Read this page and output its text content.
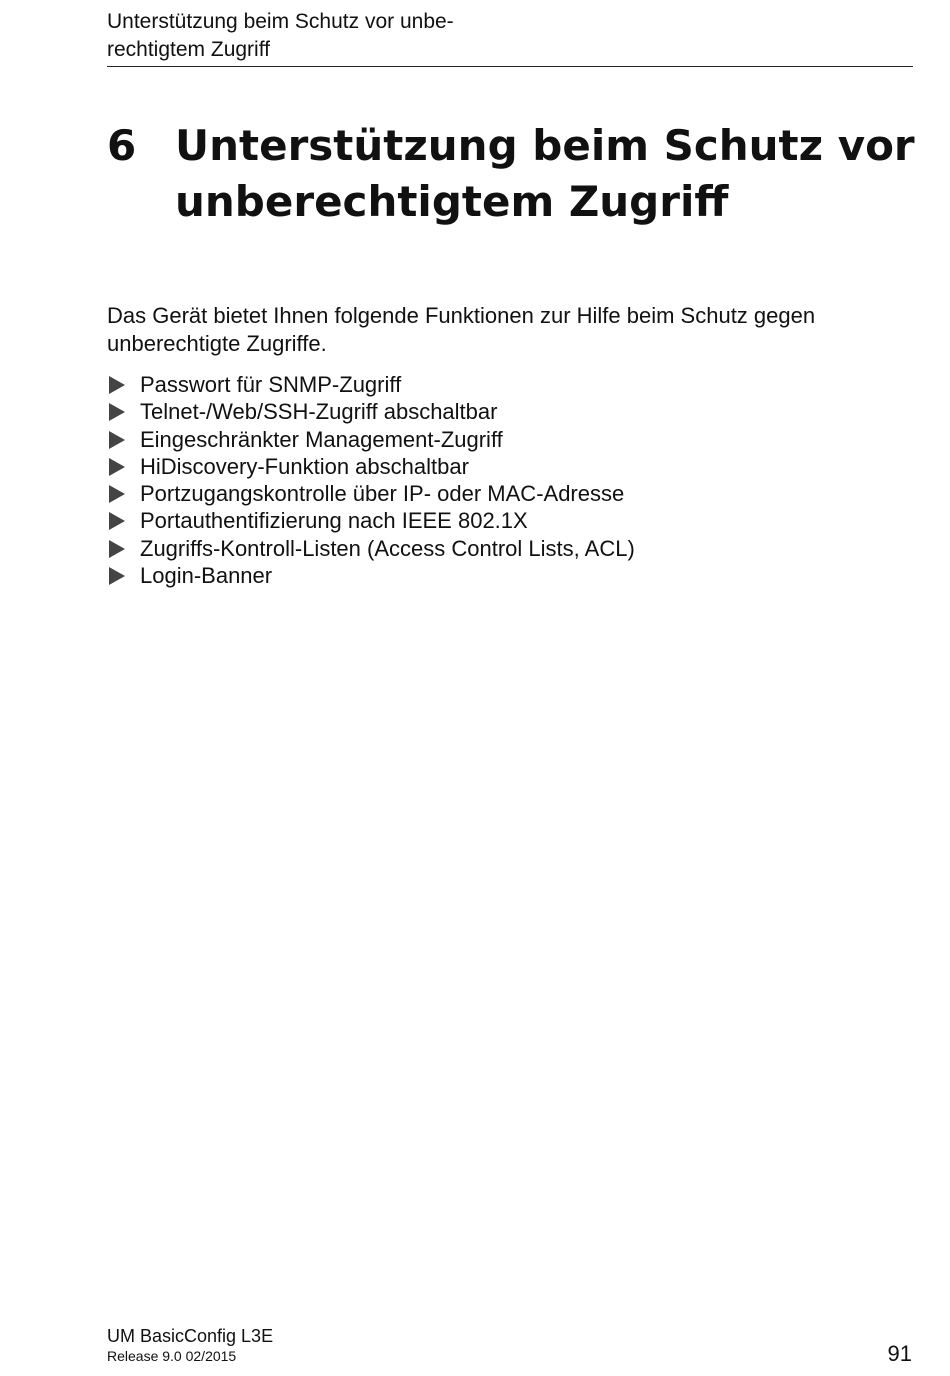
Unterstützung beim Schutz vor unbe-
rechtigtem Zugriff
6 Unterstützung beim Schutz vor
unberechtigtem Zugriff
Das Gerät bietet Ihnen folgende Funktionen zur Hilfe beim Schutz gegen
unberechtigte Zugriffe.
Passwort für SNMP-Zugriff
Telnet-/Web/SSH-Zugriff abschaltbar
Eingeschränkter Management-Zugriff
HiDiscovery-Funktion abschaltbar
Portzugangskontrolle über IP- oder MAC-Adresse
Portauthentifizierung nach IEEE 802.1X
Zugriffs-Kontroll-Listen (Access Control Lists, ACL)
Login-Banner
UM BasicConfig L3E
Release 9.0 02/2015	91
